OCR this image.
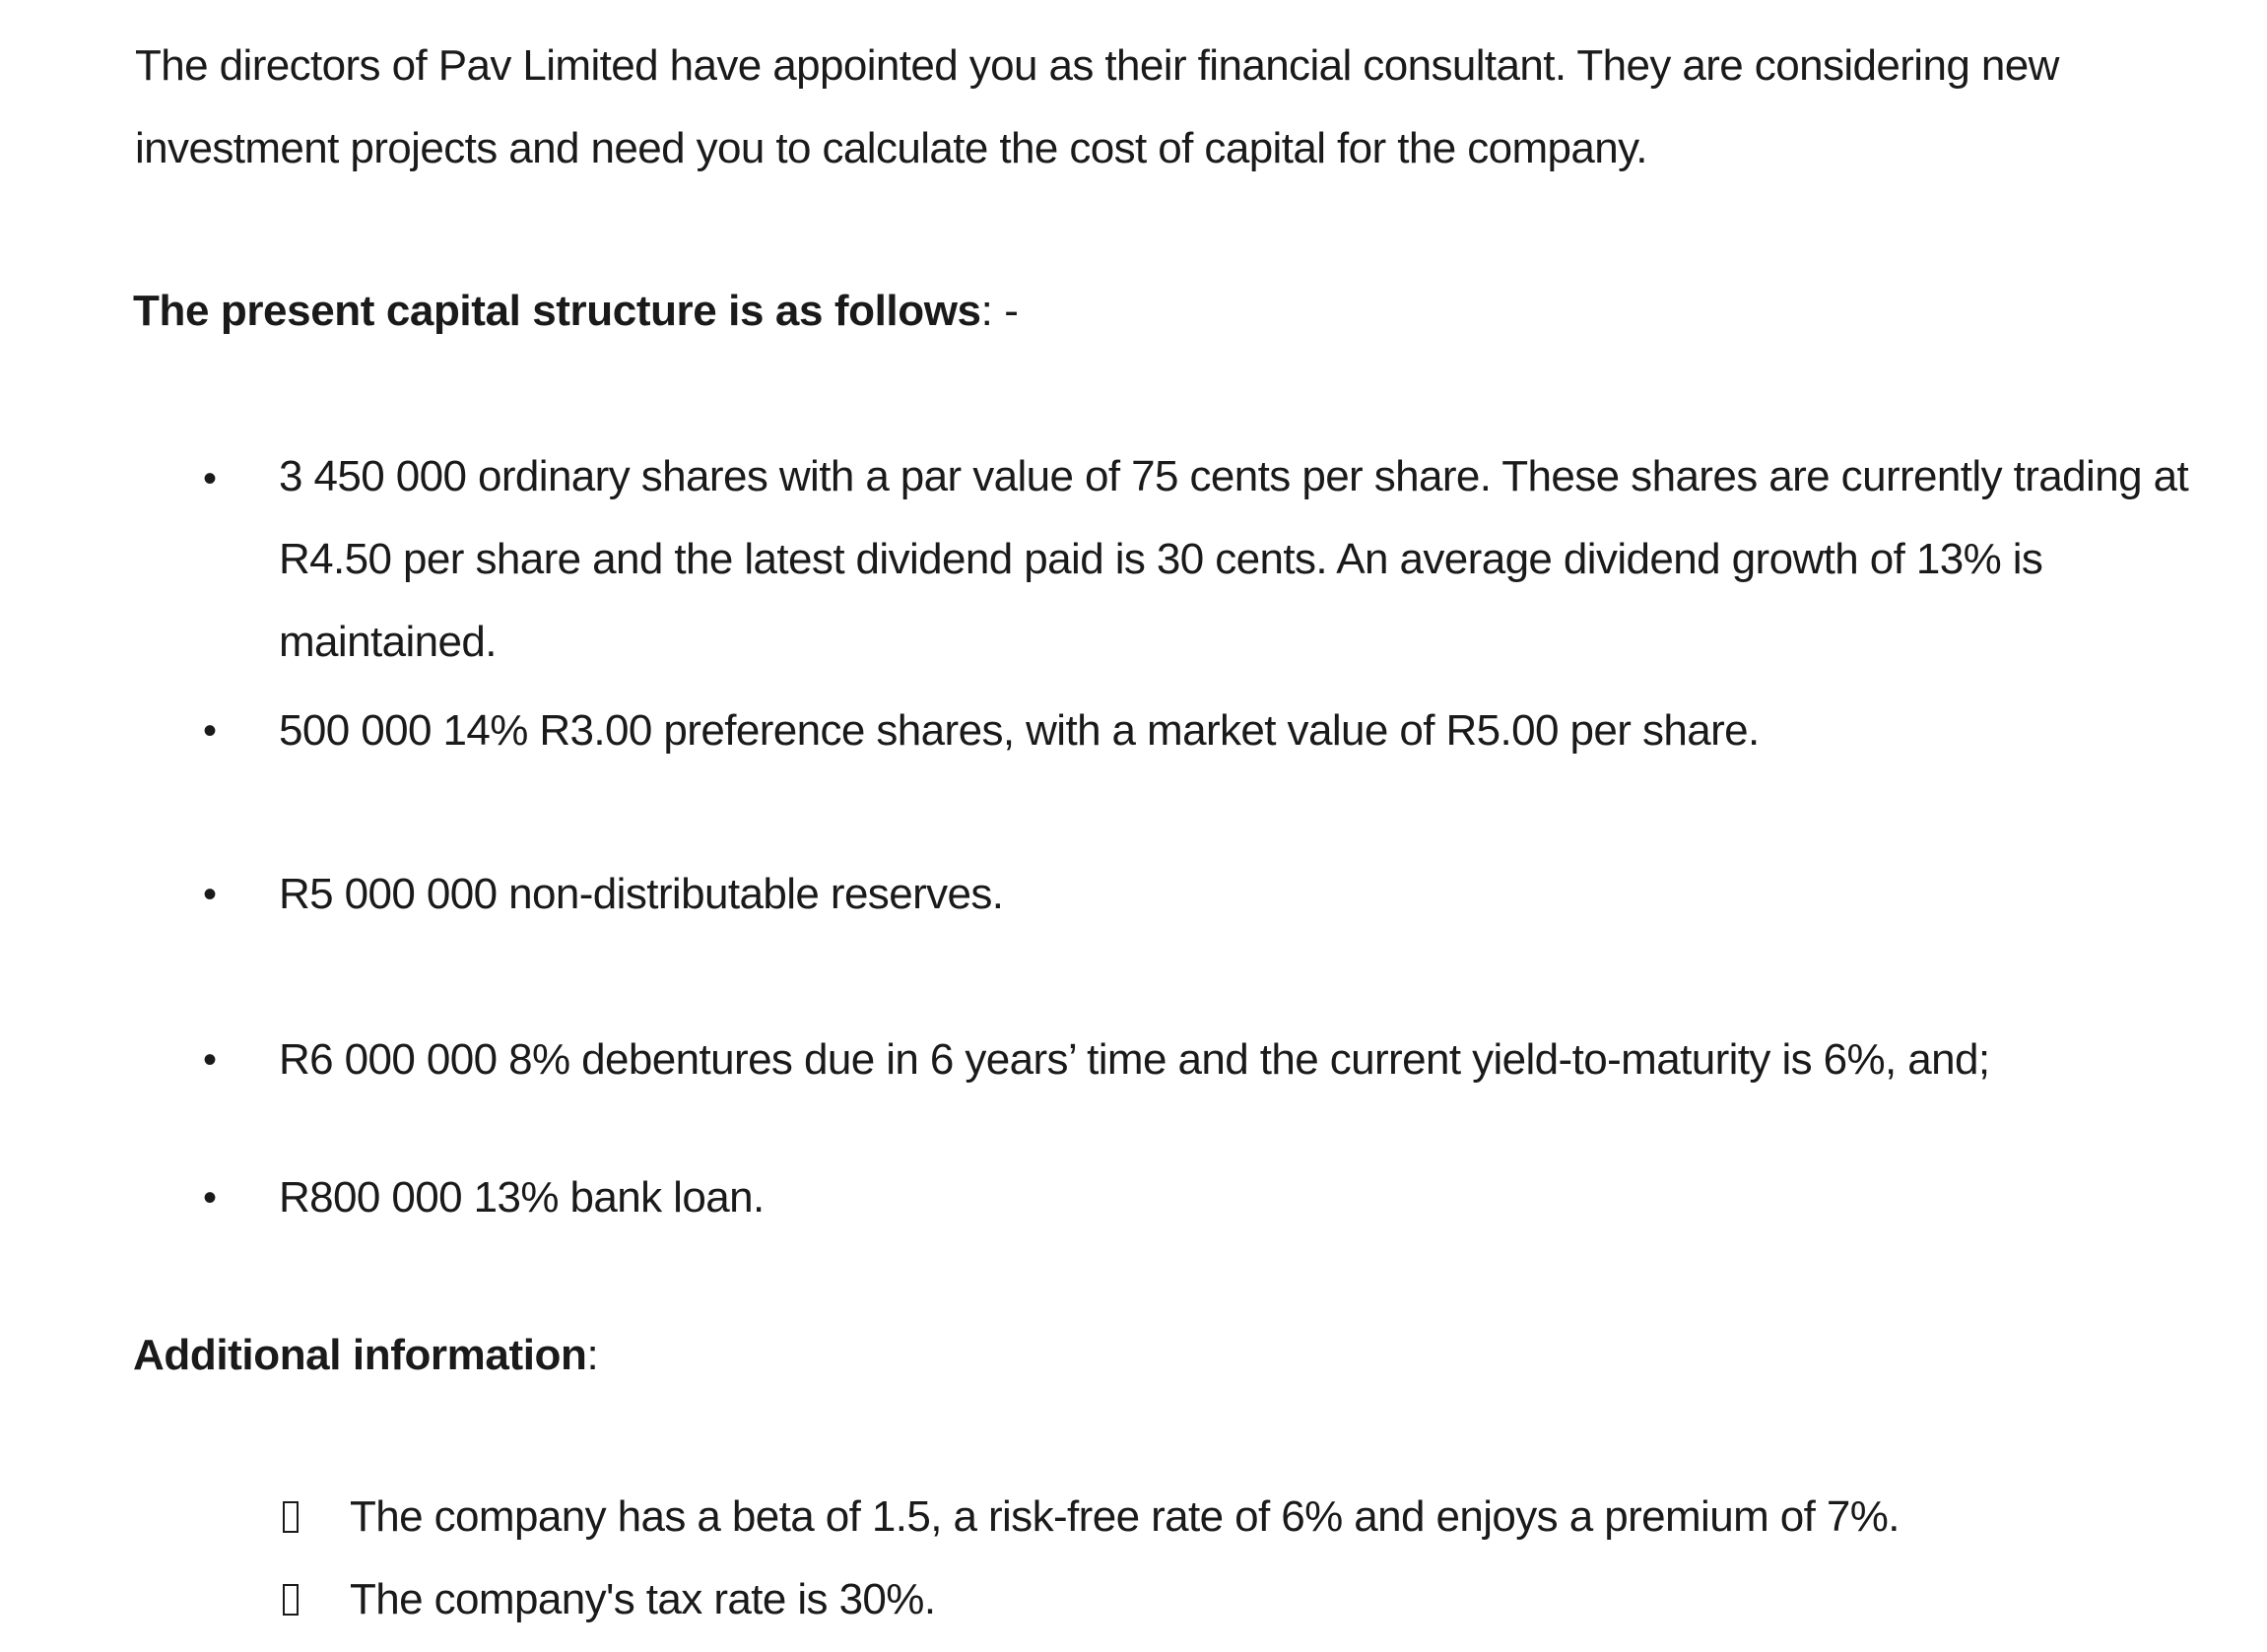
The directors of Pav Limited have appointed you as their financial consultant. They are considering new investment projects and need you to calculate the cost of capital for the company.
The present capital structure is as follows: -
• 3 450 000 ordinary shares with a par value of 75 cents per share. These shares are currently trading at R4.50 per share and the latest dividend paid is 30 cents. An average dividend growth of 13% is maintained.
• 500 000 14% R3.00 preference shares, with a market value of R5.00 per share.
• R5 000 000 non-distributable reserves.
• R6 000 000 8% debentures due in 6 years’ time and the current yield-to-maturity is 6%, and;
• R800 000 13% bank loan.
Additional information:
The company has a beta of 1.5, a risk-free rate of 6% and enjoys a premium of 7%.
The company's tax rate is 30%.
